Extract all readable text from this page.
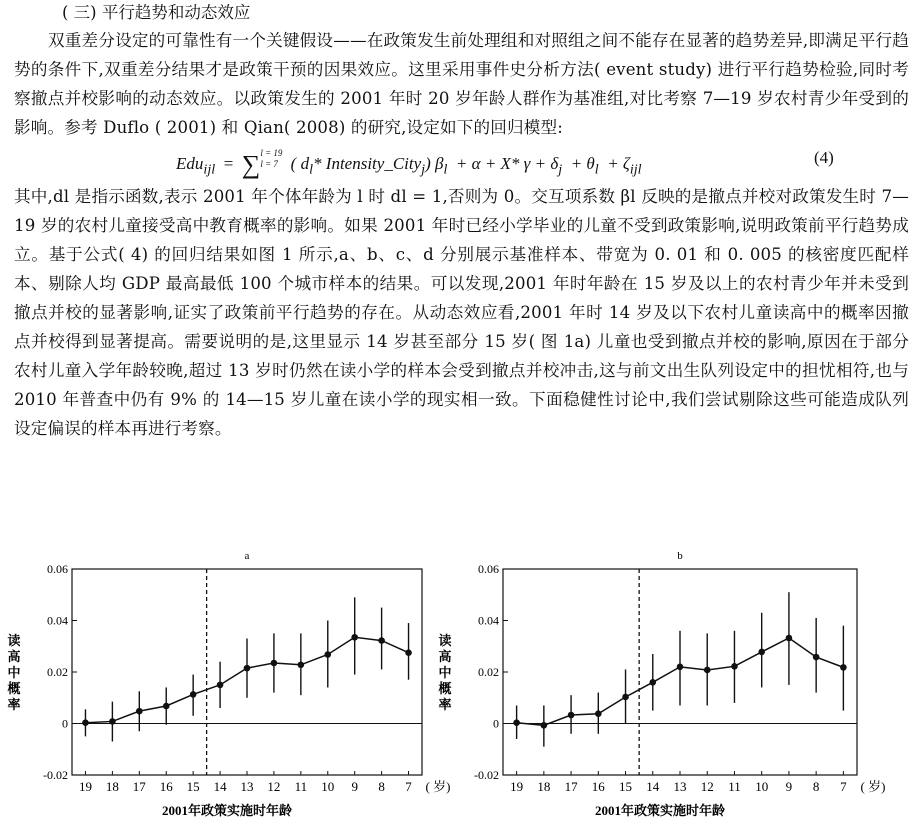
( 三) 平行趋势和动态效应
双重差分设定的可靠性有一个关键假设——在政策发生前处理组和对照组之间不能存在显著的趋势差异,即满足平行趋势的条件下,双重差分结果才是政策干预的因果效应。这里采用事件史分析方法( event study) 进行平行趋势检验,同时考察撤点并校影响的动态效应。以政策发生的 2001 年时 20 岁年龄人群作为基准组,对比考察 7—19 岁农村青少年受到的影响。参考 Duflo ( 2001) 和 Qian( 2008) 的研究,设定如下的回归模型:
Edu$_{ijl}$ = ∑l = 19
l = 7 ( $d_l*$ Intensity_City$_j$) $\beta_l + \alpha + X*$ $\gamma + \delta_j + \theta_l + \zeta_{ijl}$
(4)
其中,dl 是指示函数,表示 2001 年个体年龄为 l 时 dl = 1,否则为 0。交互项系数 βl 反映的是撤点并校对政策发生时 7—19 岁的农村儿童接受高中教育概率的影响。如果 2001 年时已经小学毕业的儿童不受到政策影响,说明政策前平行趋势成立。基于公式( 4) 的回归结果如图 1 所示,a、b、c、d 分别展示基准样本、带宽为 0. 01 和 0. 005 的核密度匹配样本、剔除人均 GDP 最高最低 100 个城市样本的结果。可以发现,2001 年时年龄在 15 岁及以上的农村青少年并未受到撤点并校的显著影响,证实了政策前平行趋势的存在。从动态效应看,2001 年时 14 岁及以下农村儿童读高中的概率因撤点并校得到显著提高。需要说明的是,这里显示 14 岁甚至部分 15 岁( 图 1a) 儿童也受到撤点并校的影响,原因在于部分农村儿童入学年龄较晚,超过 13 岁时仍然在读小学的样本会受到撤点并校冲击,这与前文出生队列设定中的担忧相符,也与 2010 年普查中仍有 9% 的 14—15 岁儿童在读小学的现实相一致。下面稳健性讨论中,我们尝试剔除这些可能造成队列设定偏误的样本再进行考察。
a
0.06
0.04
0.02
0
-0.02
19 18 17 16 15 14 13 12 11 10 9 8 7 ( 岁)
2001年政策实施时年龄
读
高
中
概
率
b
0.06
0.04
0.02
0
-0.02
19 18 17 16 15 14 13 12 11 10 9 8 7 ( 岁)
2001年政策实施时年龄
读
高
中
概
率
